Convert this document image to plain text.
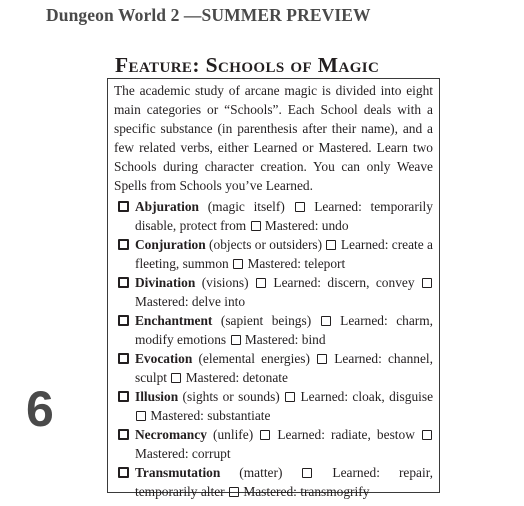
Dungeon World 2 —SUMMER PREVIEW
Feature: Schools of Magic

The academic study of arcane magic is divided into eight main categories or “Schools”. Each School deals with a specific substance (in parenthesis after their name), and a few related verbs, either Learned or Mastered. Learn two Schools during character creation. You can only Weave Spells from Schools you’ve Learned.

Abjuration (magic itself) Learned: temporarily disable, protect from Mastered: undo
Conjuration (objects or outsiders) Learned: create a fleeting, summon Mastered: teleport
Divination (visions) Learned: discern, convey  Mastered: delve into
Enchantment (sapient beings) Learned: charm, modify emotions Mastered: bind
Evocation (elemental energies) Learned: channel, sculpt Mastered: detonate
Illusion (sights or sounds) Learned: cloak, disguise  Mastered: substantiate
Necromancy (unlife) Learned: radiate, bestow  Mastered: corrupt
Transmutation (matter)	Learned: repair, temporarily alter Mastered: transmogrify
6
